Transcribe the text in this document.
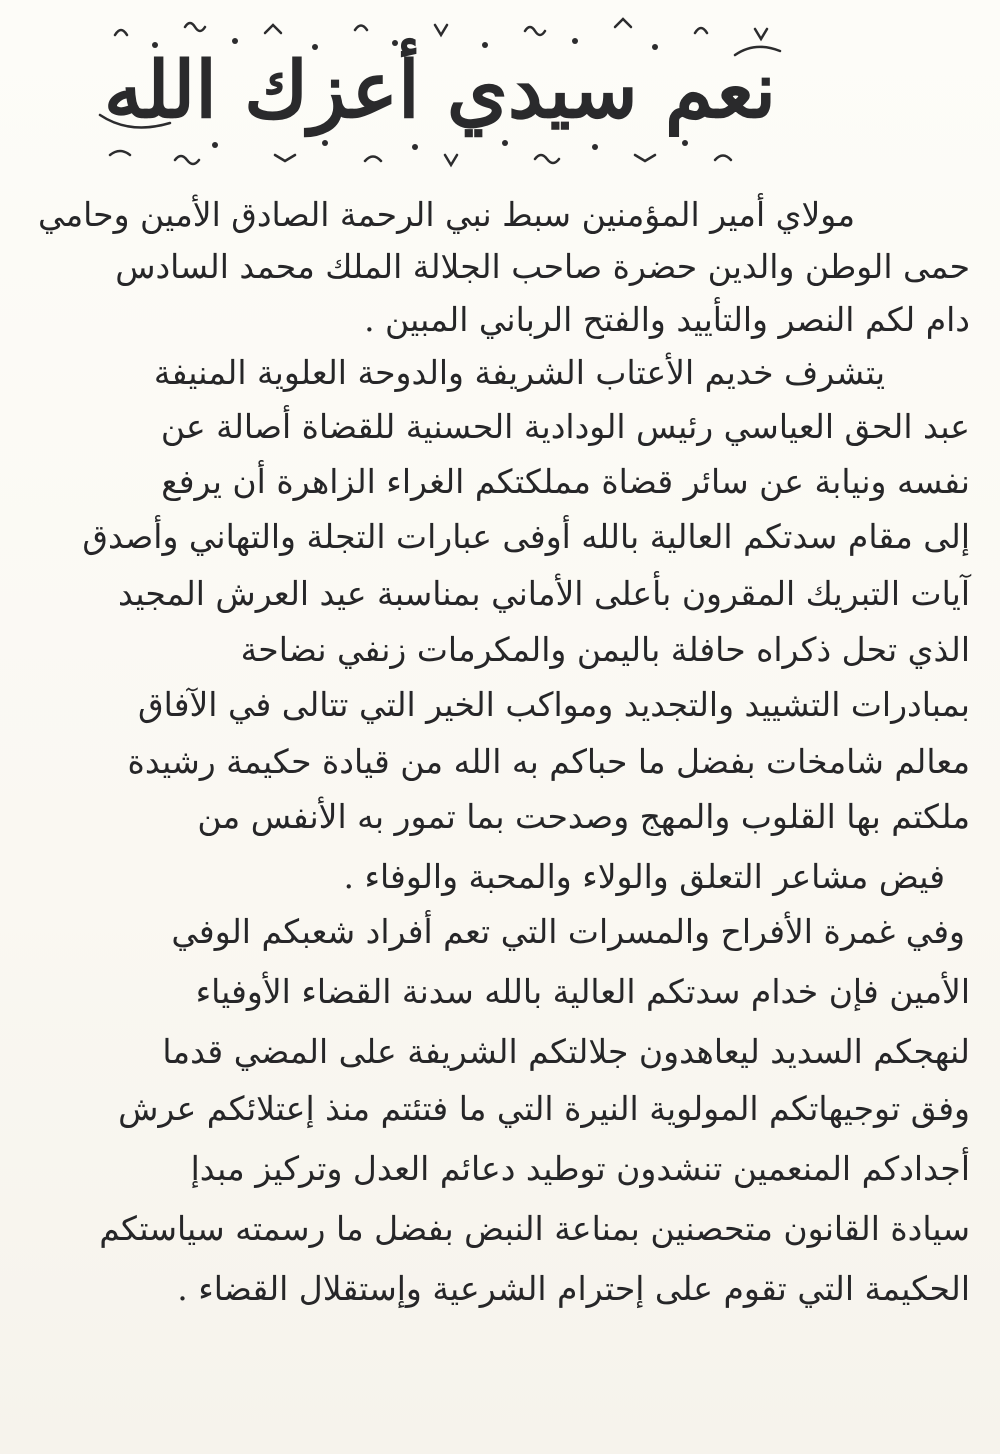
نعم سيدي أعزك الله
مولاي أمير المؤمنين سبط نبي الرحمة الصادق الأمين وحامي
حمى الوطن والدين حضرة صاحب الجلالة الملك محمد السادس
دام لكم النصر والتأييد والفتح الرباني المبين .
يتشرف خديم الأعتاب الشريفة والدوحة العلوية المنيفة
عبد الحق العياسي رئيس الودادية الحسنية للقضاة أصالة عن
نفسه ونيابة عن سائر قضاة مملكتكم الغراء الزاهرة أن يرفع
إلى مقام سدتكم العالية بالله أوفى عبارات التجلة والتهاني وأصدق
آيات التبريك المقرون بأعلى الأماني بمناسبة عيد العرش المجيد
الذي تحل ذكراه حافلة باليمن والمكرمات زنفي نضاحة
بمبادرات التشييد والتجديد ومواكب الخير التي تتالى في الآفاق
معالم شامخات بفضل ما حباكم به الله من قيادة حكيمة رشيدة
ملكتم بها القلوب والمهج وصدحت بما تمور به الأنفس من
فيض مشاعر التعلق والولاء والمحبة والوفاء .
وفي غمرة الأفراح والمسرات التي تعم أفراد شعبكم الوفي
الأمين فإن خدام سدتكم العالية بالله سدنة القضاء الأوفياء
لنهجكم السديد ليعاهدون جلالتكم الشريفة على المضي قدما
وفق توجيهاتكم المولوية النيرة التي ما فتئتم منذ إعتلائكم عرش
أجدادكم المنعمين تنشدون توطيد دعائم العدل وتركيز مبدإ
سيادة القانون متحصنين بمناعة النبض بفضل ما رسمته سياستكم
الحكيمة التي تقوم على إحترام الشرعية وإستقلال القضاء .
